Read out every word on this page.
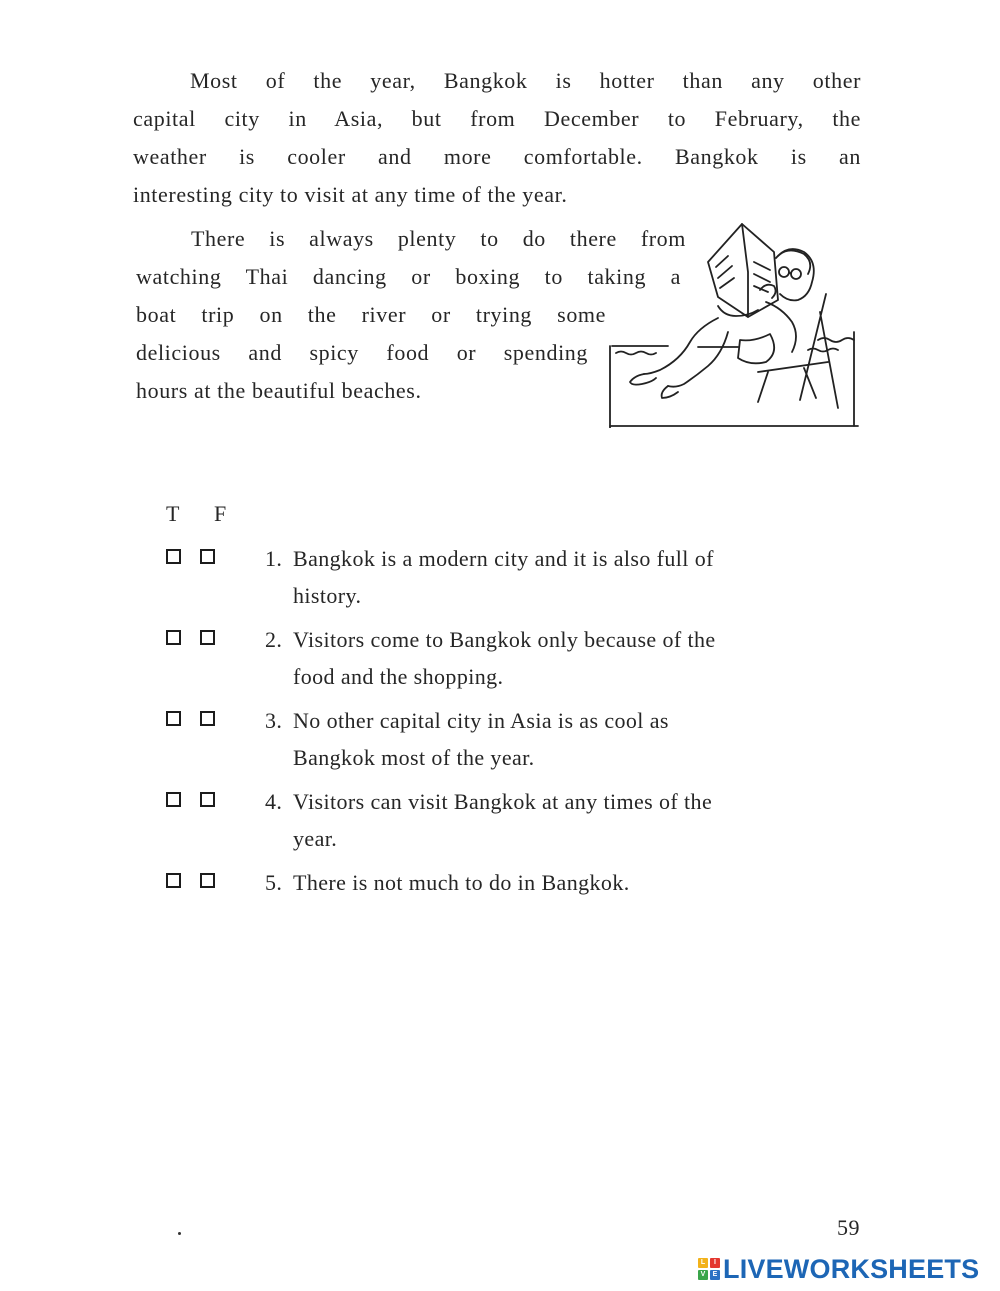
Most of the year, Bangkok is hotter than any other
capital city in Asia, but from December to February, the
weather is cooler and more comfortable. Bangkok is an
interesting city to visit at any time of the year.
There is always plenty to do there from
watching Thai dancing or boxing to taking a
boat trip on the river or trying some
delicious and spicy food or spending
hours at the beautiful beaches.
T F
1. Bangkok is a modern city and it is also full of
history.
2. Visitors come to Bangkok only because of the
food and the shopping.
3. No other capital city in Asia is as cool as
Bangkok most of the year.
4. Visitors can visit Bangkok at any times of the
year.
5. There is not much to do in Bangkok.
59
L	I
V	E LIVEWORKSHEETS
